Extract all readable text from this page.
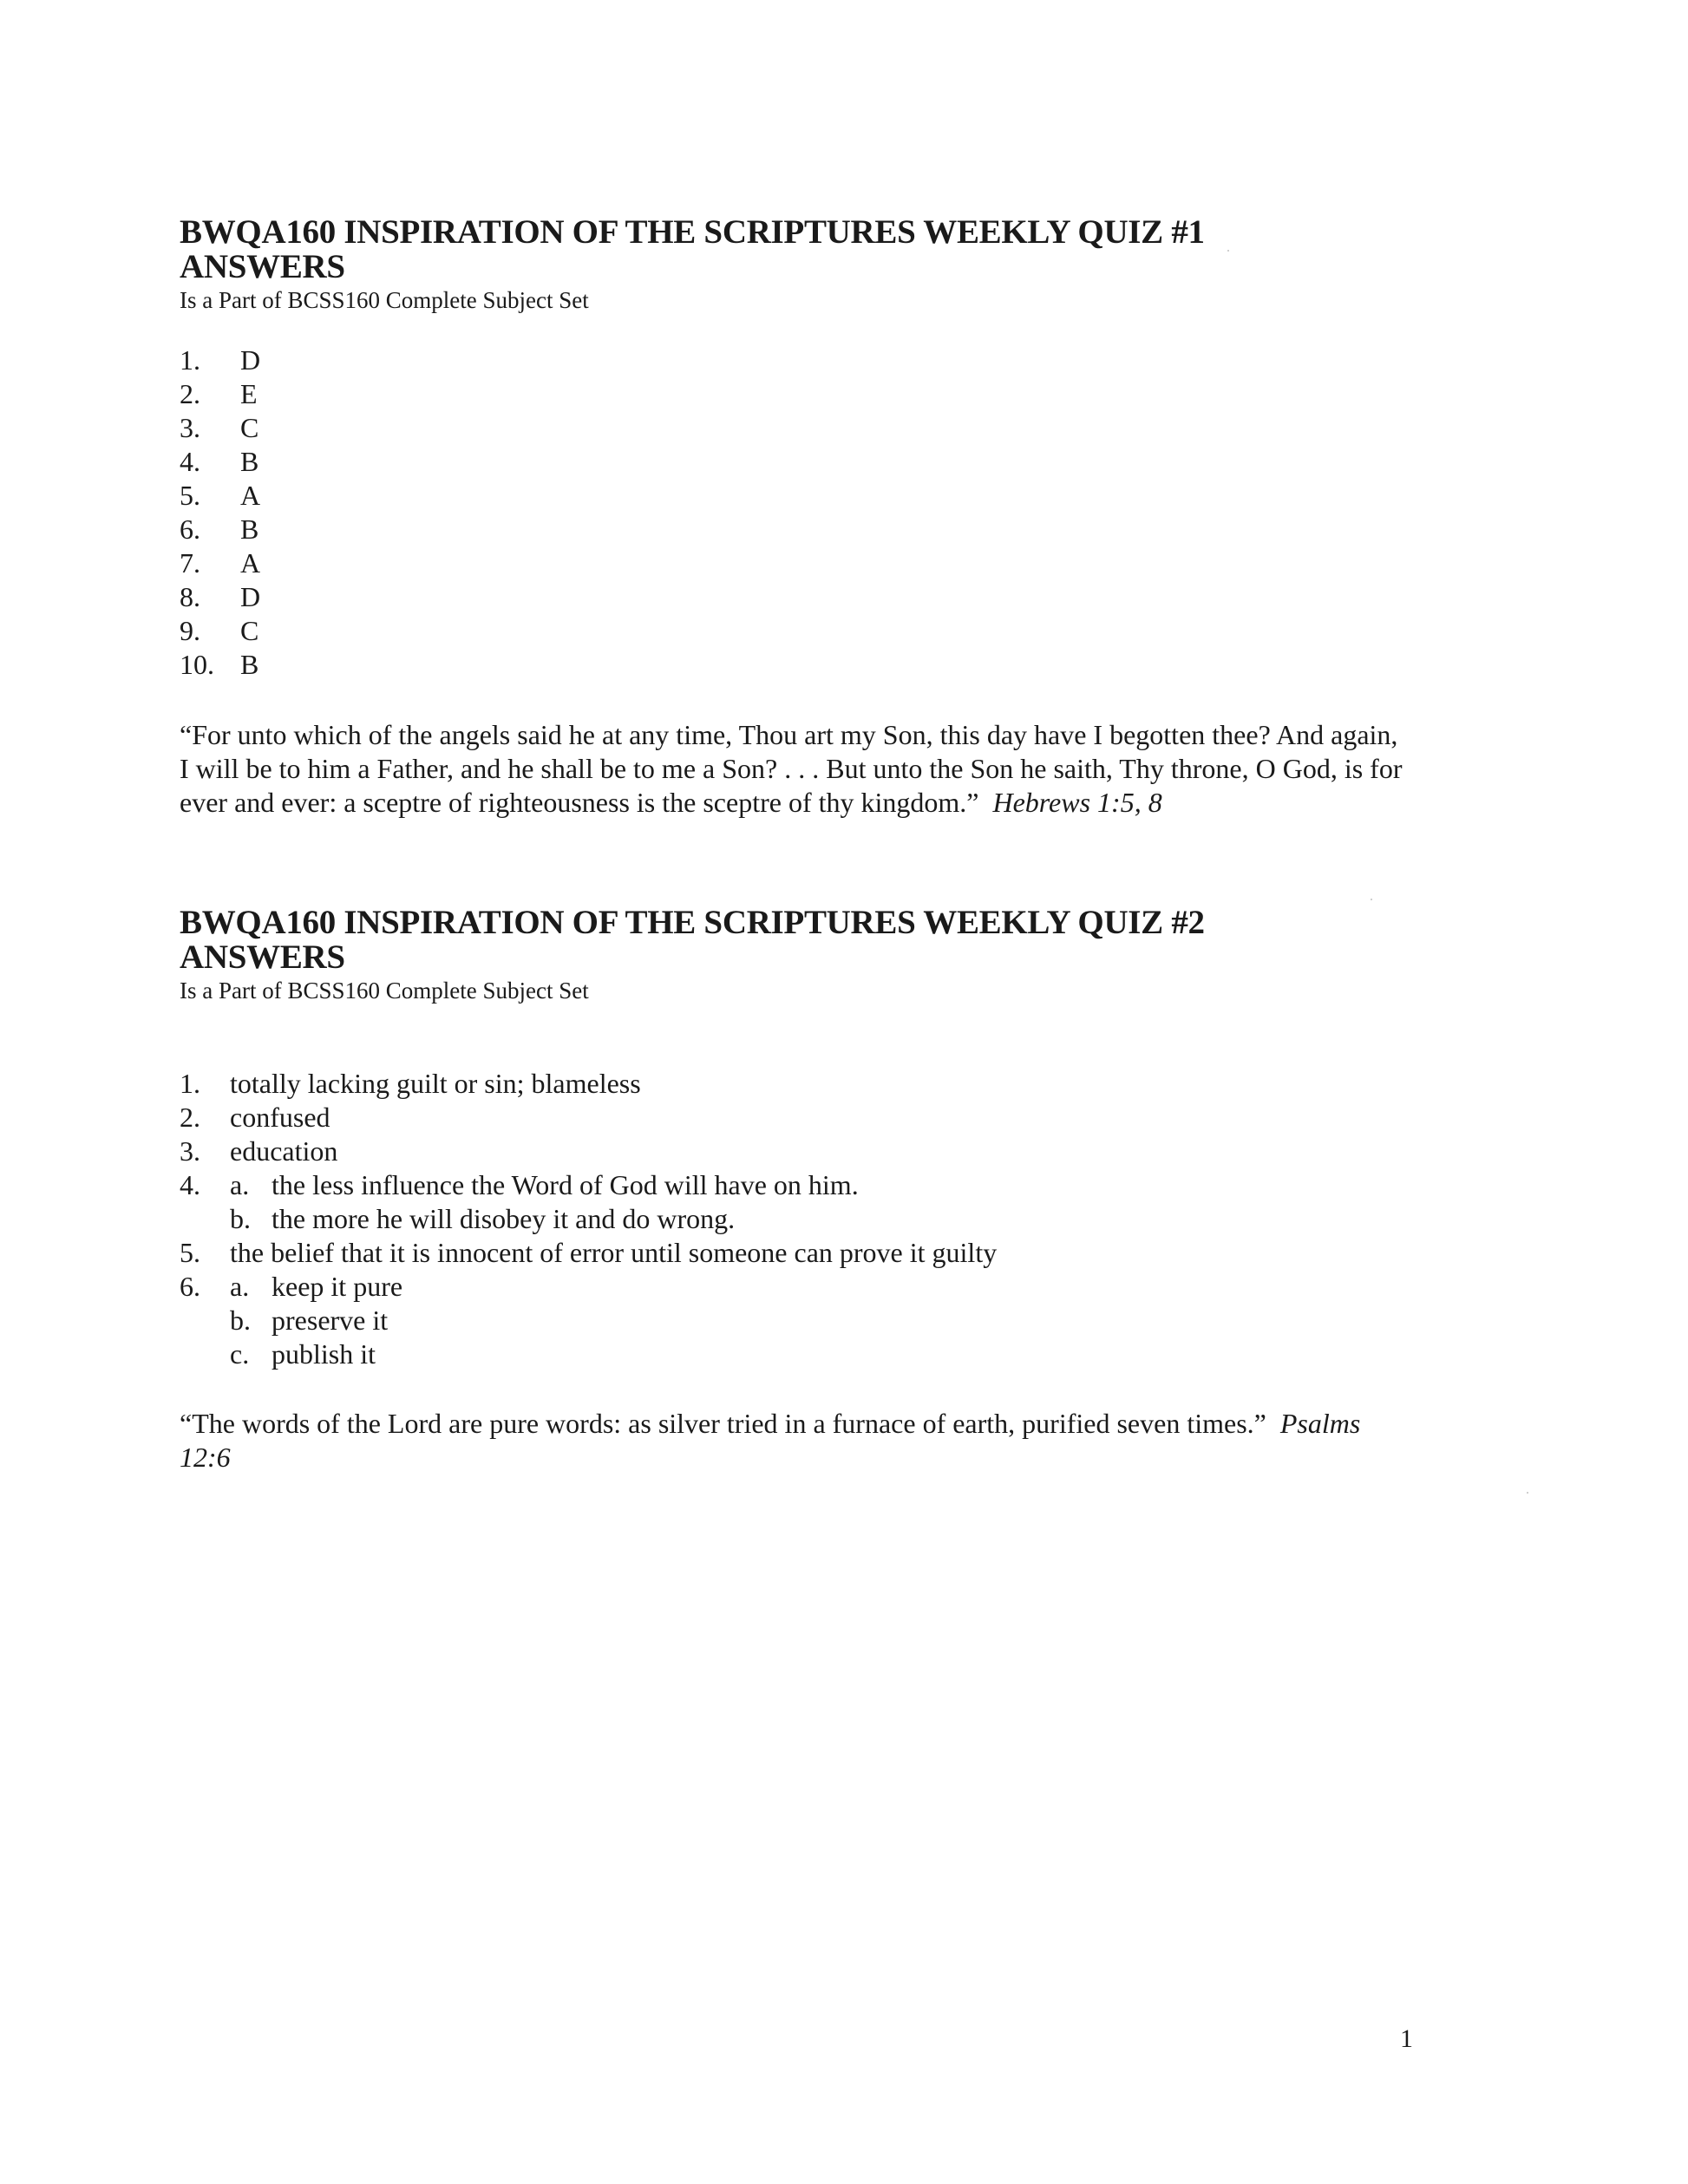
BWQA160 INSPIRATION OF THE SCRIPTURES WEEKLY QUIZ #1
ANSWERS

Is a Part of BCSS160 Complete Subject Set

1.	D
2.	E
3.	C
4.	B
5.	A
6.	B
7.	A
8.	D
9.	C
10. B

“For unto which of the angels said he at any time, Thou art my Son, this day have I begotten thee? And again, I will be to him a Father, and he shall be to me a Son? . . . But unto the Son he saith, Thy throne, O God, is for ever and ever: a sceptre of righteousness is the sceptre of thy kingdom.” Hebrews 1:5, 8

BWQA160 INSPIRATION OF THE SCRIPTURES WEEKLY QUIZ #2
ANSWERS

Is a Part of BCSS160 Complete Subject Set

1.	totally lacking guilt or sin; blameless
2.	confused
3.	education
4.	a. the less influence the Word of God will have on him.
b. the more he will disobey it and do wrong.
5.	the belief that it is innocent of error until someone can prove it guilty
6.	a. keep it pure
b. preserve it
c. publish it

“The words of the Lord are pure words: as silver tried in a furnace of earth, purified seven times.” Psalms 12:6

1
